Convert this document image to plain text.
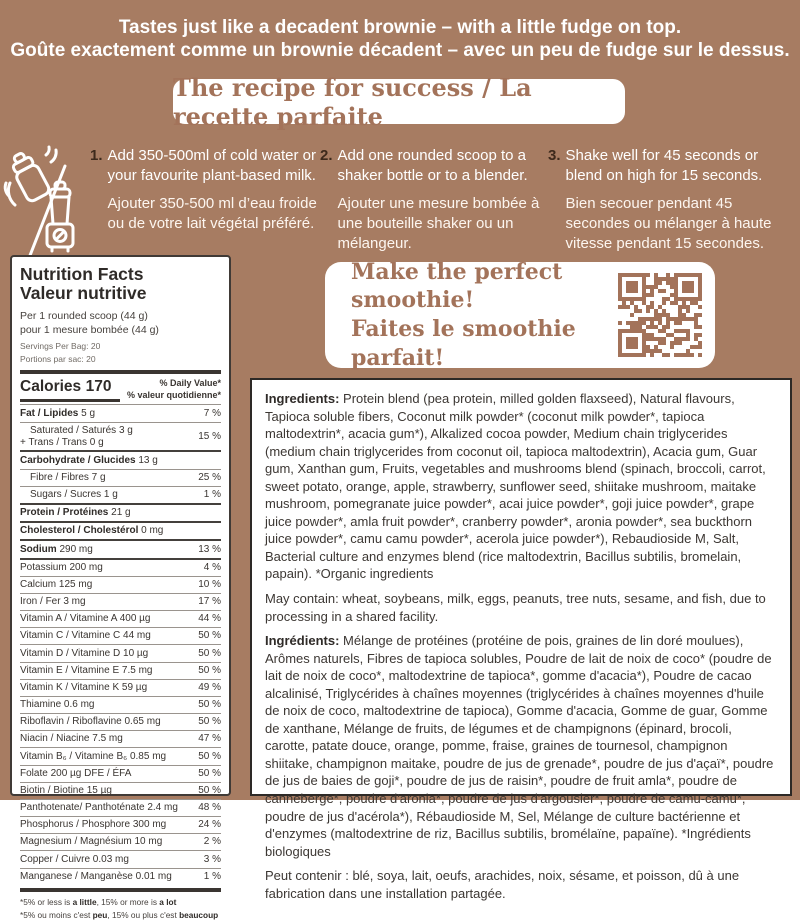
Tastes just like a decadent brownie – with a little fudge on top.
Goûte exactement comme un brownie décadent – avec un peu de fudge sur le dessus.
The recipe for success / La recette parfaite
1. Add 350-500ml of cold water or your favourite plant-based milk.

Ajouter 350-500 ml d’eau froide ou de votre lait végétal préféré.

2. Add one rounded scoop to a shaker bottle or to a blender.

Ajouter une mesure bombée à une bouteille shaker ou un mélangeur.

3. Shake well for 45 seconds or blend on high for 15 seconds.

Bien secouer pendant 45 secondes ou mélanger à haute vitesse pendant 15 secondes.

Nutrition Facts
Valeur nutritive
Per 1 rounded scoop (44 g)
pour 1 mesure bombée (44 g)
Servings Per Bag: 20
Portions par sac: 20
Calories 170	% Daily Value*
% valeur quotidienne*
Fat / Lipides 5 g	7 %
Saturated / Saturés 3 g
+ Trans / Trans 0 g
15 %
Carbohydrate / Glucides 13 g
Fibre / Fibres 7 g	25 %
Sugars / Sucres 1 g	1 %
Protein / Protéines 21 g
Cholesterol / Cholestérol 0 mg
Sodium 290 mg	13 %
Potassium 200 mg	4 %
Calcium 125 mg	10 %
Iron / Fer 3 mg	17 %
Vitamin A / Vitamine A 400 µg	44 %
Vitamin C / Vitamine C 44 mg	50 %
Vitamin D / Vitamine D 10 µg	50 %
Vitamin E / Vitamine E 7.5 mg	50 %
Vitamin K / Vitamine K 59 µg	49 %
Thiamine 0.6 mg	50 %
Riboflavin / Riboflavine 0.65 mg	50 %
Niacin / Niacine 7.5 mg	47 %
Vitamin B₆ / Vitamine B₆ 0.85 mg	50 %
Folate 200 µg DFE / ÉFA	50 %
Biotin / Biotine 15 µg	50 %
Panthotenate/ Panthoténate 2.4 mg	48 %
Phosphorus / Phosphore 300 mg	24 %
Magnesium / Magnésium 10 mg	2 %
Copper / Cuivre 0.03 mg	3 %
Manganese / Manganèse 0.01 mg	1 %
*5% or less is a little, 15% or more is a lot
*5% ou moins c'est peu, 15% ou plus c'est beaucoup
Make the perfect smoothie!
Faites le smoothie parfait!

Ingredients: Protein blend (pea protein, milled golden flaxseed), Natural flavours, Tapioca soluble fibers, Coconut milk powder* (coconut milk powder*, tapioca maltodextrin*, acacia gum*), Alkalized cocoa powder, Medium chain triglycerides (medium chain triglycerides from coconut oil, tapioca maltodextrin), Acacia gum, Guar gum, Xanthan gum, Fruits, vegetables and mushrooms blend (spinach, broccoli, carrot, sweet potato, orange, apple, strawberry, sunflower seed, shiitake mushroom, maitake mushroom, pomegranate juice powder*, acai juice powder*, goji juice powder*, grape juice powder*, amla fruit powder*, cranberry powder*, aronia powder*, sea buckthorn juice powder*, camu camu powder*, acerola juice powder*), Rebaudioside M, Salt, Bacterial culture and enzymes blend (rice maltodextrin, Bacillus subtilis, bromelain, papain). *Organic ingredients

May contain: wheat, soybeans, milk, eggs, peanuts, tree nuts, sesame, and fish, due to processing in a shared facility.

Ingrédients: Mélange de protéines (protéine de pois, graines de lin doré moulues), Arômes naturels, Fibres de tapioca solubles, Poudre de lait de noix de coco* (poudre de lait de noix de coco*, maltodextrine de tapioca*, gomme d'acacia*), Poudre de cacao alcalinisé, Triglycérides à chaînes moyennes (triglycérides à chaînes moyennes d'huile de noix de coco, maltodextrine de tapioca), Gomme d'acacia, Gomme de guar, Gomme de xanthane, Mélange de fruits, de légumes et de champignons (épinard, brocoli, carotte, patate douce, orange, pomme, fraise, graines de tournesol, champignon shiitake, champignon maitake, poudre de jus de grenade*, poudre de jus d'açaï*, poudre de jus de baies de goji*, poudre de jus de raisin*, poudre de fruit amla*, poudre de canneberge*, poudre d'aronia*, poudre de jus d'argousier*, poudre de camu-camu*, poudre de jus d'acérola*), Rébaudioside M, Sel, Mélange de culture bactérienne et d'enzymes (maltodextrine de riz, Bacillus subtilis, bromélaïne, papaïne). *Ingrédients biologiques

Peut contenir : blé, soya, lait, oeufs, arachides, noix, sésame, et poisson, dû à une fabrication dans une installation partagée.
